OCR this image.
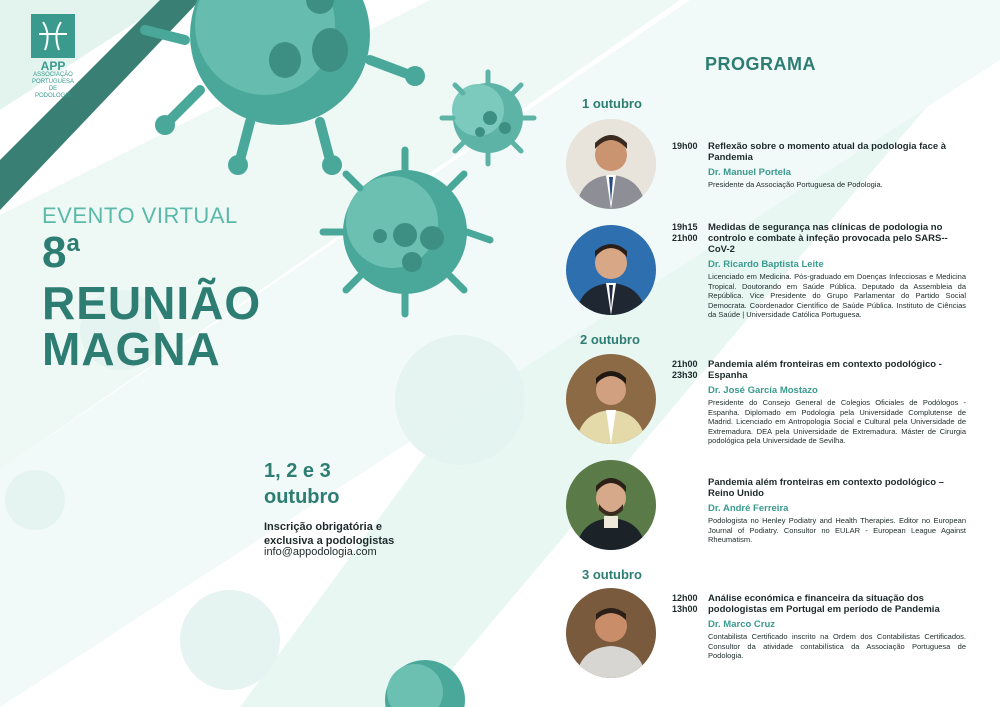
APP
ASSOCIAÇÃO
PORTUGUESA DE
PODOLOGIA
EVENTO VIRTUAL
8$^a$
REUNIÃO
MAGNA
1, 2 e 3
outubro
Inscrição obrigatória e exclusiva a podologistas
info@appodologia.com
PROGRAMA
1 outubro
2 outubro
3 outubro
19h00	Reflexão sobre o momento atual da podologia face à Pandemia
Dr. Manuel Portela
Presidente da Associação Portuguesa de Podologia.
19h15
21h00
Medidas de segurança nas clínicas de podologia no controlo e combate à infeção provocada pelo SARS--CoV-2
Dr. Ricardo Baptista Leite
Licenciado em Medicina. Pós-graduado em Doenças Infecciosas e Medicina Tropical. Doutorando em Saúde Pública. Deputado da Assembleia da República. Vice Presidente do Grupo Parlamentar do Partido Social Democrata. Coordenador Científico de Saúde Pública. Instituto de Ciências da Saúde | Universidade Católica Portuguesa.
21h00
23h30
Pandemia além fronteiras em contexto podológico - Espanha
Dr. José García Mostazo
Presidente do Consejo General de Colegios Oficiales de Podólogos - Espanha. Diplomado em Podologia pela Universidade Complutense de Madrid. Licenciado em Antropologia Social e Cultural pela Universidade de Extremadura. DEA pela Universidade de Extremadura. Máster de Cirurgia podológica pela Universidade de Sevilha.
Pandemia além fronteiras em contexto podológico – Reino Unido
Dr. André Ferreira
Podologista no Henley Podiatry and Health Therapies. Editor no European Journal of Podiatry. Consultor no EULAR - European League Against Rheumatism.
12h00
13h00
Análise económica e financeira da situação dos podologistas em Portugal em período de Pandemia
Dr. Marco Cruz
Contabilista Certificado inscrito na Ordem dos Contabilistas Certificados. Consultor da atividade contabilística da Associação Portuguesa de Podologia.
